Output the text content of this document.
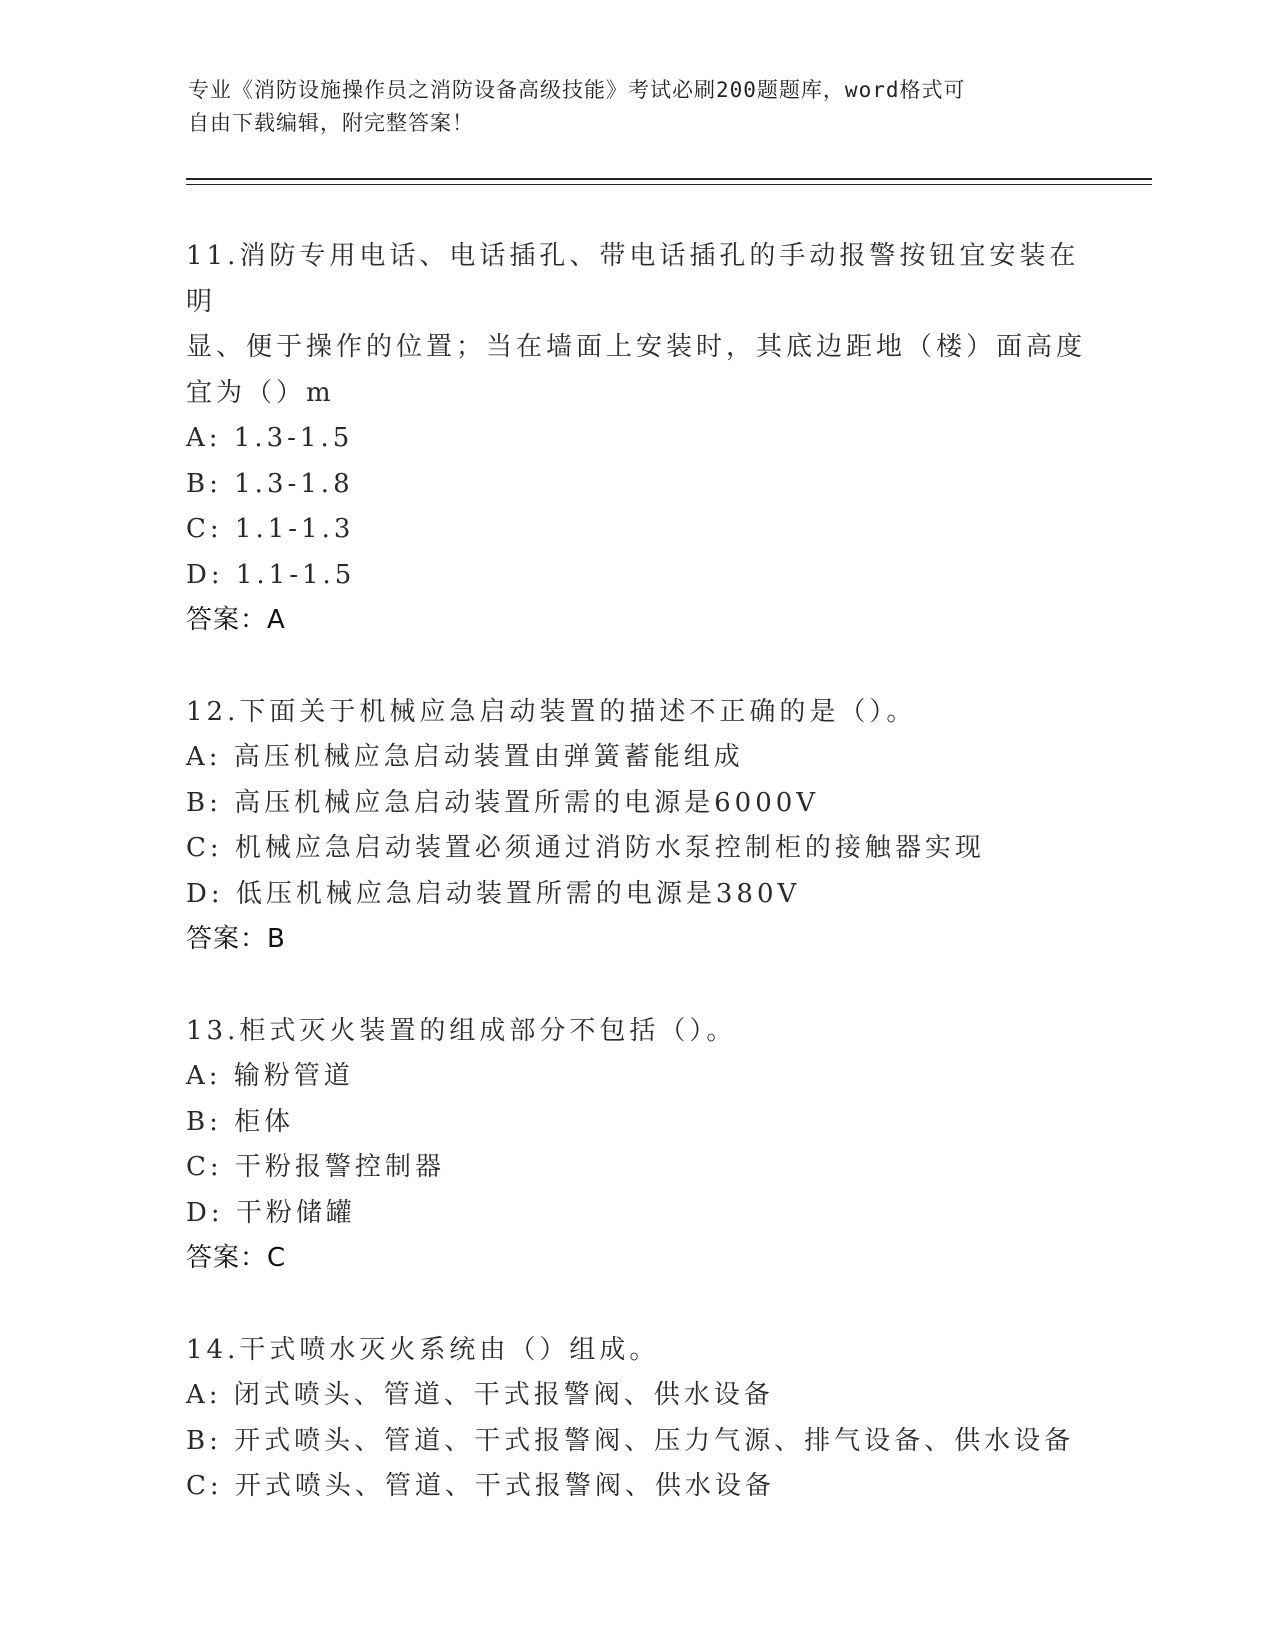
专业《消防设施操作员之消防设备高级技能》考试必刷200题题库，word格式可
自由下载编辑，附完整答案！
11.消防专用电话、电话插孔、带电话插孔的手动报警按钮宜安装在明
显、便于操作的位置；当在墙面上安装时，其底边距地（楼）面高度
宜为（）m
A: 1.3-1.5
B: 1.3-1.8
C: 1.1-1.3
D: 1.1-1.5
答案：A
12.下面关于机械应急启动装置的描述不正确的是（）。
A: 高压机械应急启动装置由弹簧蓄能组成
B: 高压机械应急启动装置所需的电源是6000V
C: 机械应急启动装置必须通过消防水泵控制柜的接触器实现
D: 低压机械应急启动装置所需的电源是380V
答案：B
13.柜式灭火装置的组成部分不包括（）。
A: 输粉管道
B: 柜体
C: 干粉报警控制器
D: 干粉储罐
答案：C
14.干式喷水灭火系统由（）组成。
A: 闭式喷头、管道、干式报警阀、供水设备
B: 开式喷头、管道、干式报警阀、压力气源、排气设备、供水设备
C: 开式喷头、管道、干式报警阀、供水设备
